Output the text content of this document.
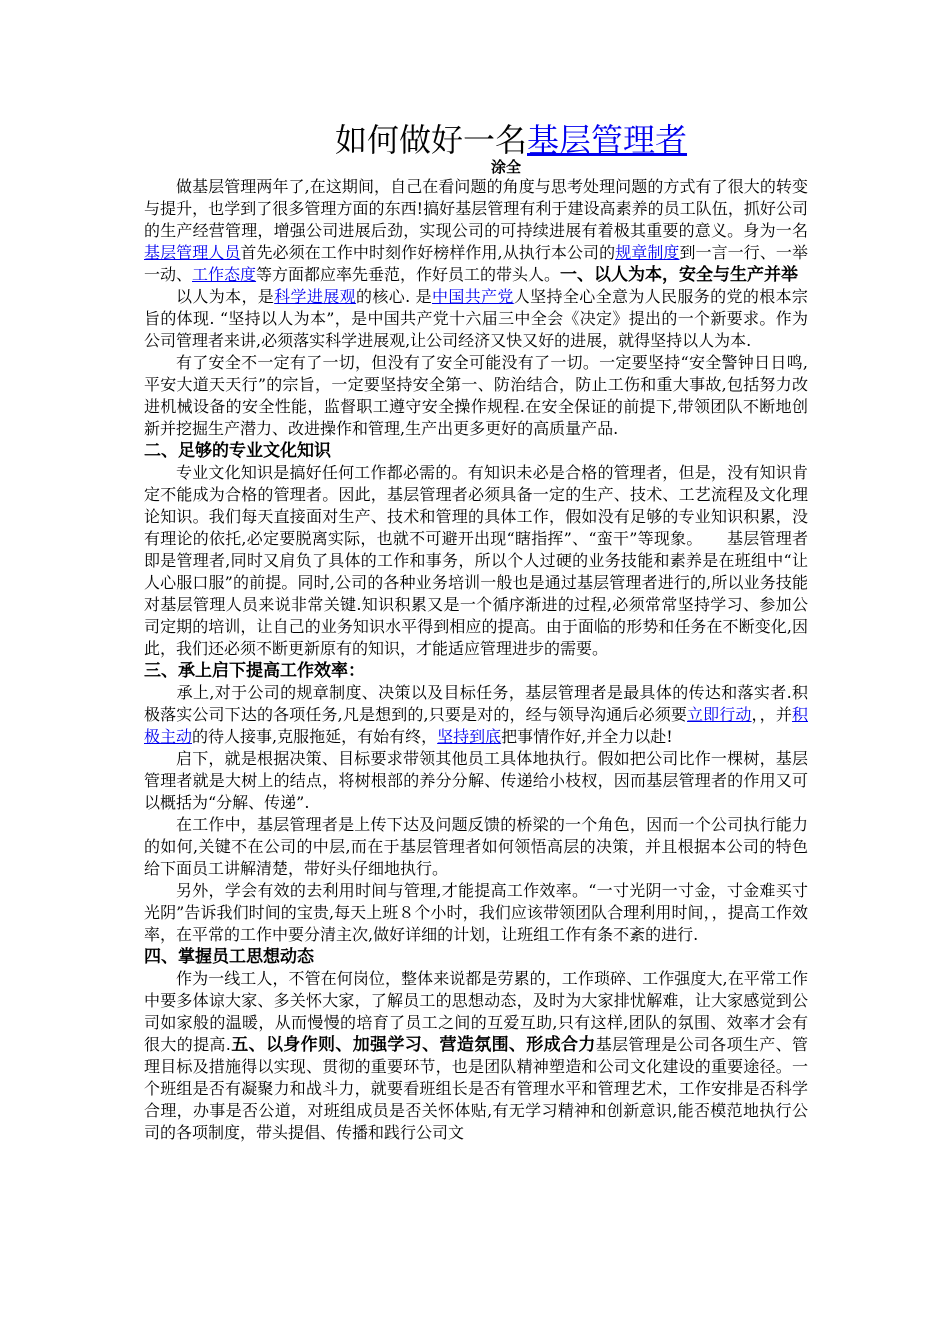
如何做好一名基层管理者
涂全

做基层管理两年了,在这期间，自己在看问题的角度与思考处理问题的方式有了很大的转变与提升，也学到了很多管理方面的东西!搞好基层管理有利于建设高素养的员工队伍，抓好公司的生产经营管理，增强公司进展后劲，实现公司的可持续进展有着极其重要的意义。身为一名基层管理人员首先必须在工作中时刻作好榜样作用,从执行本公司的规章制度到一言一行、一举一动、工作态度等方面都应率先垂范，作好员工的带头人。一、以人为本，安全与生产并举

以人为本，是科学进展观的核心. 是中国共产党人坚持全心全意为人民服务的党的根本宗旨的体现. “坚持以人为本”，是中国共产党十六届三中全会《决定》提出的一个新要求。作为公司管理者来讲,必须落实科学进展观,让公司经济又快又好的进展，就得坚持以人为本.

有了安全不一定有了一切，但没有了安全可能没有了一切。一定要坚持“安全警钟日日鸣,平安大道天天行”的宗旨，一定要坚持安全第一、防治结合，防止工伤和重大事故,包括努力改进机械设备的安全性能，监督职工遵守安全操作规程.在安全保证的前提下,带领团队不断地创新并挖掘生产潜力、改进操作和管理,生产出更多更好的高质量产品.

二、足够的专业文化知识

专业文化知识是搞好任何工作都必需的。有知识未必是合格的管理者，但是，没有知识肯定不能成为合格的管理者。因此，基层管理者必须具备一定的生产、技术、工艺流程及文化理论知识。我们每天直接面对生产、技术和管理的具体工作，假如没有足够的专业知识积累，没有理论的依托,必定要脱离实际，也就不可避开出现“瞎指挥”、“蛮干”等现象。　　基层管理者即是管理者,同时又肩负了具体的工作和事务，所以个人过硬的业务技能和素养是在班组中“让人心服口服”的前提。同时,公司的各种业务培训一般也是通过基层管理者进行的,所以业务技能对基层管理人员来说非常关键.知识积累又是一个循序渐进的过程,必须常常坚持学习、参加公司定期的培训，让自己的业务知识水平得到相应的提高。由于面临的形势和任务在不断变化,因此，我们还必须不断更新原有的知识，才能适应管理进步的需要。

三、承上启下提高工作效率：

　　承上,对于公司的规章制度、决策以及目标任务，基层管理者是最具体的传达和落实者.积极落实公司下达的各项任务,凡是想到的,只要是对的，经与领导沟通后必须要立即行动，，并积极主动的待人接事,克服拖延，有始有终，坚持到底把事情作好,并全力以赴!

启下，就是根据决策、目标要求带领其他员工具体地执行。假如把公司比作一棵树，基层管理者就是大树上的结点，将树根部的养分分解、传递给小枝杈，因而基层管理者的作用又可以概括为“分解、传递”.

在工作中，基层管理者是上传下达及问题反馈的桥梁的一个角色，因而一个公司执行能力的如何,关键不在公司的中层,而在于基层管理者如何领悟高层的决策，并且根据本公司的特色给下面员工讲解清楚，带好头仔细地执行。

另外，学会有效的去利用时间与管理,才能提高工作效率。“一寸光阴一寸金，寸金难买寸光阴”告诉我们时间的宝贵,每天上班８个小时，我们应该带领团队合理利用时间，，提高工作效率，在平常的工作中要分清主次,做好详细的计划，让班组工作有条不紊的进行.

四、掌握员工思想动态

作为一线工人，不管在何岗位，整体来说都是劳累的，工作琐碎、工作强度大,在平常工作中要多体谅大家、多关怀大家，了解员工的思想动态，及时为大家排忧解难，让大家感觉到公司如家般的温暖，从而慢慢的培育了员工之间的互爱互助,只有这样,团队的氛围、效率才会有很大的提高.五、以身作则、加强学习、营造氛围、形成合力基层管理是公司各项生产、管理目标及措施得以实现、贯彻的重要环节，也是团队精神塑造和公司文化建设的重要途径。一个班组是否有凝聚力和战斗力，就要看班组长是否有管理水平和管理艺术，工作安排是否科学合理，办事是否公道，对班组成员是否关怀体贴,有无学习精神和创新意识,能否模范地执行公司的各项制度，带头提倡、传播和践行公司文
